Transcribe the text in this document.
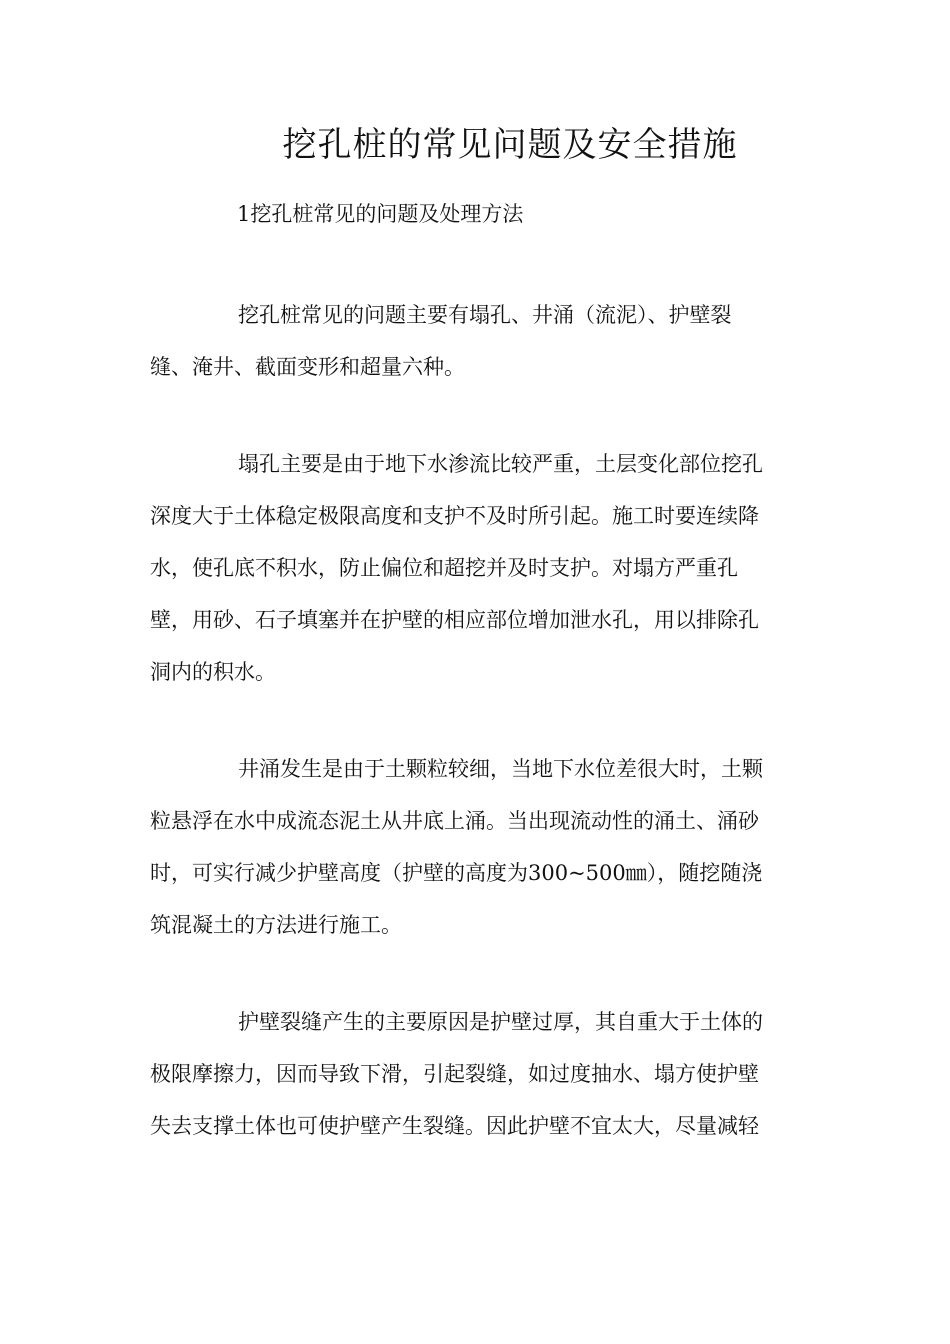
挖孔桩的常见问题及安全措施
1挖孔桩常见的问题及处理方法
挖孔桩常见的问题主要有塌孔、井涌（流泥）、护壁裂
缝、淹井、截面变形和超量六种。
塌孔主要是由于地下水渗流比较严重，土层变化部位挖孔
深度大于土体稳定极限高度和支护不及时所引起。施工时要连续降
水，使孔底不积水，防止偏位和超挖并及时支护。对塌方严重孔
壁，用砂、石子填塞并在护壁的相应部位增加泄水孔，用以排除孔
洞内的积水。
井涌发生是由于土颗粒较细，当地下水位差很大时，土颗
粒悬浮在水中成流态泥土从井底上涌。当出现流动性的涌土、涌砂
时，可实行减少护壁高度（护壁的高度为300~500㎜），随挖随浇
筑混凝土的方法进行施工。
护壁裂缝产生的主要原因是护壁过厚，其自重大于土体的
极限摩擦力，因而导致下滑，引起裂缝，如过度抽水、塌方使护壁
失去支撑土体也可使护壁产生裂缝。因此护壁不宜太大，尽量减轻
